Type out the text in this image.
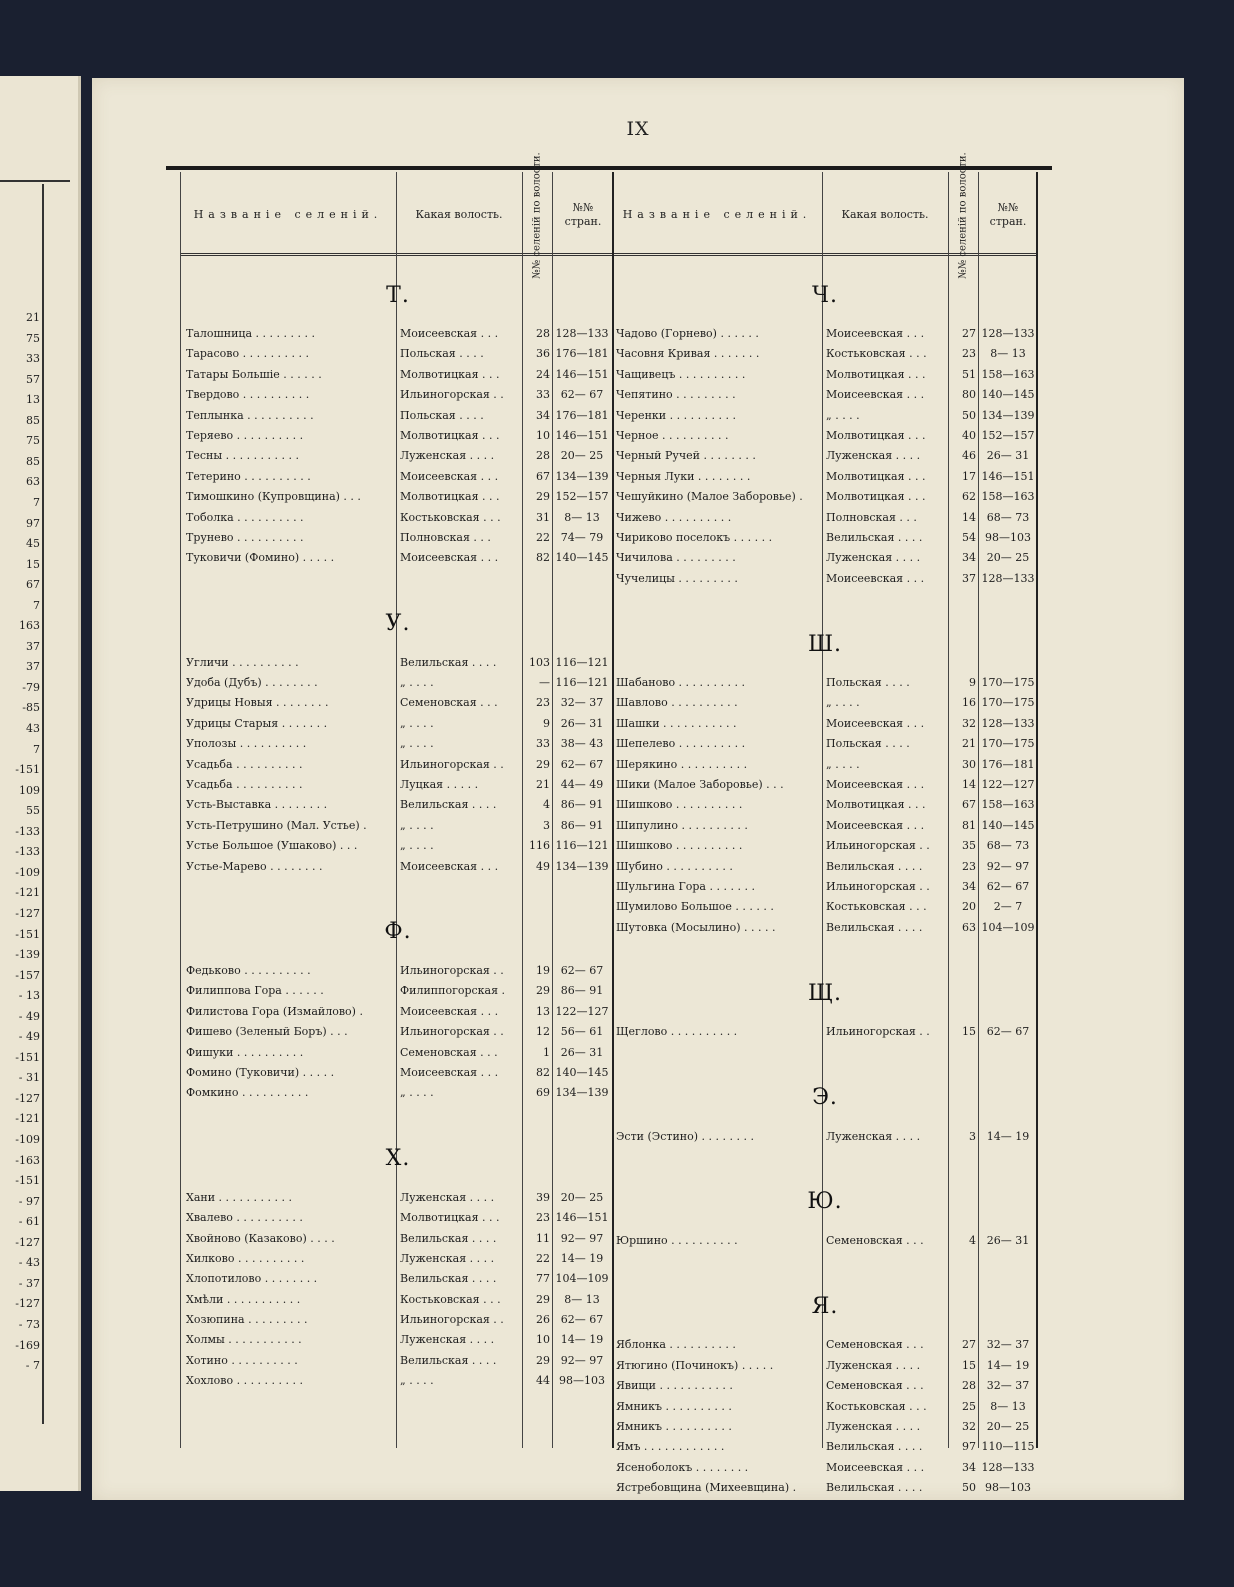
21
75
33
57
13
85
75
85
63
7
97
45
15
67
7
163
37
37
-79
-85
43
7
-151
109
55
-133
-133
-109
-121
-127
-151
-139
-157
- 13
- 49
- 49
-151
- 31
-127
-121
-109
-163
-151
- 97
- 61
-127
- 43
- 37
-127
- 73
-169
- 7
IX
Названіе селеній.	Какая волость.	№№ селеній по волости.	№№ стран.
Названіе селеній.	Какая волость.	№№ селеній по волости.	№№ стран.
Т.
Талошница . . . . . . . . .	Моисеевская . . .	28 128—133
Тарасово . . . . . . . . . .	Польская . . . .	36 176—181
Татары Большіе . . . . . .	Молвотицкая . . .	24 146—151
Твердово . . . . . . . . . .	Ильиногорская . .	33 62— 67
Теплынка . . . . . . . . . .	Польская . . . .	34 176—181
Теряево . . . . . . . . . .	Молвотицкая . . .	10 146—151
Тесны . . . . . . . . . . .	Луженская . . . .	28 20— 25
Тетерино . . . . . . . . . .	Моисеевская . . .	67 134—139
Тимошкино (Купровщина) . . .	Молвотицкая . . .	29 152—157
Тоболка . . . . . . . . . .	Костьковская . . .	31	8— 13
Трунево . . . . . . . . . .	Полновская . . .	22 74— 79
Туковичи (Фомино) . . . . .	Моисеевская . . .	82 140—145
У.
Угличи . . . . . . . . . .	Велильская . . . .	103 116—121
Удоба (Дубъ) . . . . . . . .	„ . . . .	— 116—121
Удрицы Новыя . . . . . . . .	Семеновская . . .	23 32— 37
Удрицы Старыя . . . . . . .	„ . . . .	9 26— 31
Уполозы . . . . . . . . . .	„ . . . .	33 38— 43
Усадьба . . . . . . . . . .	Ильиногорская . .	29 62— 67
Усадьба . . . . . . . . . .	Луцкая . . . . .	21 44— 49
Усть-Выставка . . . . . . . .	Велильская . . . .	4 86— 91
Усть-Петрушино (Мал. Устье) .	„ . . . .	3 86— 91
Устье Большое (Ушаково) . . .	„ . . . .	116 116—121
Устье-Марево . . . . . . . .	Моисеевская . . .	49 134—139
Ф.
Федьково . . . . . . . . . .	Ильиногорская . .	19 62— 67
Филиппова Гора . . . . . .	Филиппогорская .	29 86— 91
Филистова Гора (Измайлово) .	Моисеевская . . .	13 122—127
Фишево (Зеленый Боръ) . . .	Ильиногорская . .	12 56— 61
Фишуки . . . . . . . . . .	Семеновская . . .	1 26— 31
Фомино (Туковичи) . . . . .	Моисеевская . . .	82 140—145
Фомкино . . . . . . . . . .	„ . . . .	69 134—139
Х.
Хани . . . . . . . . . . .	Луженская . . . .	39 20— 25
Хвалево . . . . . . . . . .	Молвотицкая . . .	23 146—151
Хвойново (Казаково) . . . .	Велильская . . . .	11 92— 97
Хилково . . . . . . . . . .	Луженская . . . .	22 14— 19
Хлопотилово . . . . . . . .	Велильская . . . .	77 104—109
Хмѣли . . . . . . . . . . .	Костьковская . . .	29	8— 13
Хозюпина . . . . . . . . .	Ильиногорская . .	26 62— 67
Холмы . . . . . . . . . . .	Луженская . . . .	10 14— 19
Хотино . . . . . . . . . .	Велильская . . . .	29 92— 97
Хохлово . . . . . . . . . .	„ . . . .	44 98—103
Ч.
Чадово (Горнево) . . . . . .	Моисеевская . . .	27 128—133
Часовня Кривая . . . . . . .	Костьковская . . .	23	8— 13
Чащивецъ . . . . . . . . . .	Молвотицкая . . .	51 158—163
Чепятино . . . . . . . . .	Моисеевская . . .	80 140—145
Черенки . . . . . . . . . .	„ . . . .	50 134—139
Черное . . . . . . . . . .	Молвотицкая . . .	40 152—157
Черный Ручей . . . . . . . .	Луженская . . . .	46 26— 31
Черныя Луки . . . . . . . .	Молвотицкая . . .	17 146—151
Чешуйкино (Малое Заборовье) .	Молвотицкая . . .	62 158—163
Чижево . . . . . . . . . .	Полновская . . .	14 68— 73
Чириково поселокъ . . . . . .	Велильская . . . .	54 98—103
Чичилова . . . . . . . . .	Луженская . . . .	34 20— 25
Чучелицы . . . . . . . . .	Моисеевская . . .	37 128—133
Ш.
Шабаново . . . . . . . . . .	Польская . . . .	9 170—175
Шавлово . . . . . . . . . .	„ . . . .	16 170—175
Шашки . . . . . . . . . . .	Моисеевская . . .	32 128—133
Шепелево . . . . . . . . . .	Польская . . . .	21 170—175
Шерякино . . . . . . . . . .	„ . . . .	30 176—181
Шики (Малое Заборовье) . . .	Моисеевская . . .	14 122—127
Шишково . . . . . . . . . .	Молвотицкая . . .	67 158—163
Шипулино . . . . . . . . . .	Моисеевская . . .	81 140—145
Шишково . . . . . . . . . .	Ильиногорская . .	35 68— 73
Шубино . . . . . . . . . .	Велильская . . . .	23 92— 97
Шульгина Гора . . . . . . .	Ильиногорская . .	34 62— 67
Шумилово Большое . . . . . .	Костьковская . . .	20	2— 7
Шутовка (Мосылино) . . . . .	Велильская . . . .	63 104—109
Щ.
Щеглово . . . . . . . . . .	Ильиногорская . .	15 62— 67
Э.
Эсти (Эстино) . . . . . . . .	Луженская . . . .	3 14— 19
Ю.
Юршино . . . . . . . . . .	Семеновская . . .	4 26— 31
Я.
Яблонка . . . . . . . . . .	Семеновская . . .	27 32— 37
Ятюгино (Починокъ) . . . . .	Луженская . . . .	15 14— 19
Явищи . . . . . . . . . . .	Семеновская . . .	28 32— 37
Ямникъ . . . . . . . . . .	Костьковская . . .	25	8— 13
Ямникъ . . . . . . . . . .	Луженская . . . .	32 20— 25
Ямъ . . . . . . . . . . . .	Велильская . . . .	97 110—115
Ясеноболокъ . . . . . . . .	Моисеевская . . .	34 128—133
Ястребовщина (Михеевщина) .	Велильская . . . .	50 98—103
